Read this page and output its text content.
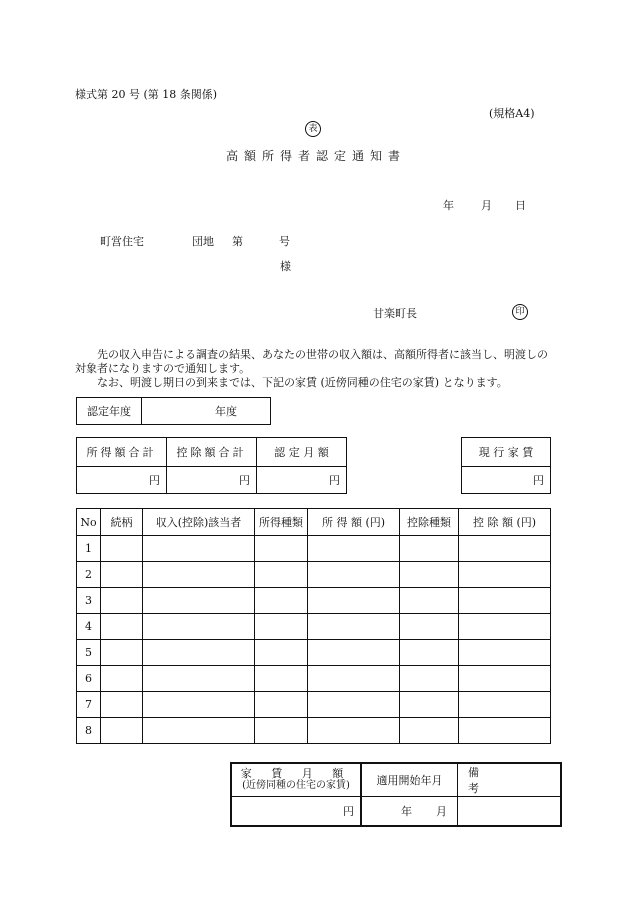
様式第 20 号 (第 18 条関係)
(規格A4)
表
高額所得者認定通知書
年 月 日
町営住宅	団地 第	号
様
甘楽町長	印
先の収入申告による調査の結果、あなたの世帯の収入額は、高額所得者に該当し、明渡しの対象者になりますので通知します。
なお、明渡し期日の到来までは、下記の家賃 (近傍同種の住宅の家賃) となります。
認定年度	年度
所得額合計	控除額合計	認 定 月 額
円	円	円
現 行 家 賃
円
No	続柄	収入(控除)該当者	所得種類	所 得 額 (円)	控除種類	控 除 額 (円)
1						
2						
3						
4						
5						
6						
7						
8						
家 賃 月 額
(近傍同種の住宅の家賃)	適用開始年月	備 考
円	年 月	
